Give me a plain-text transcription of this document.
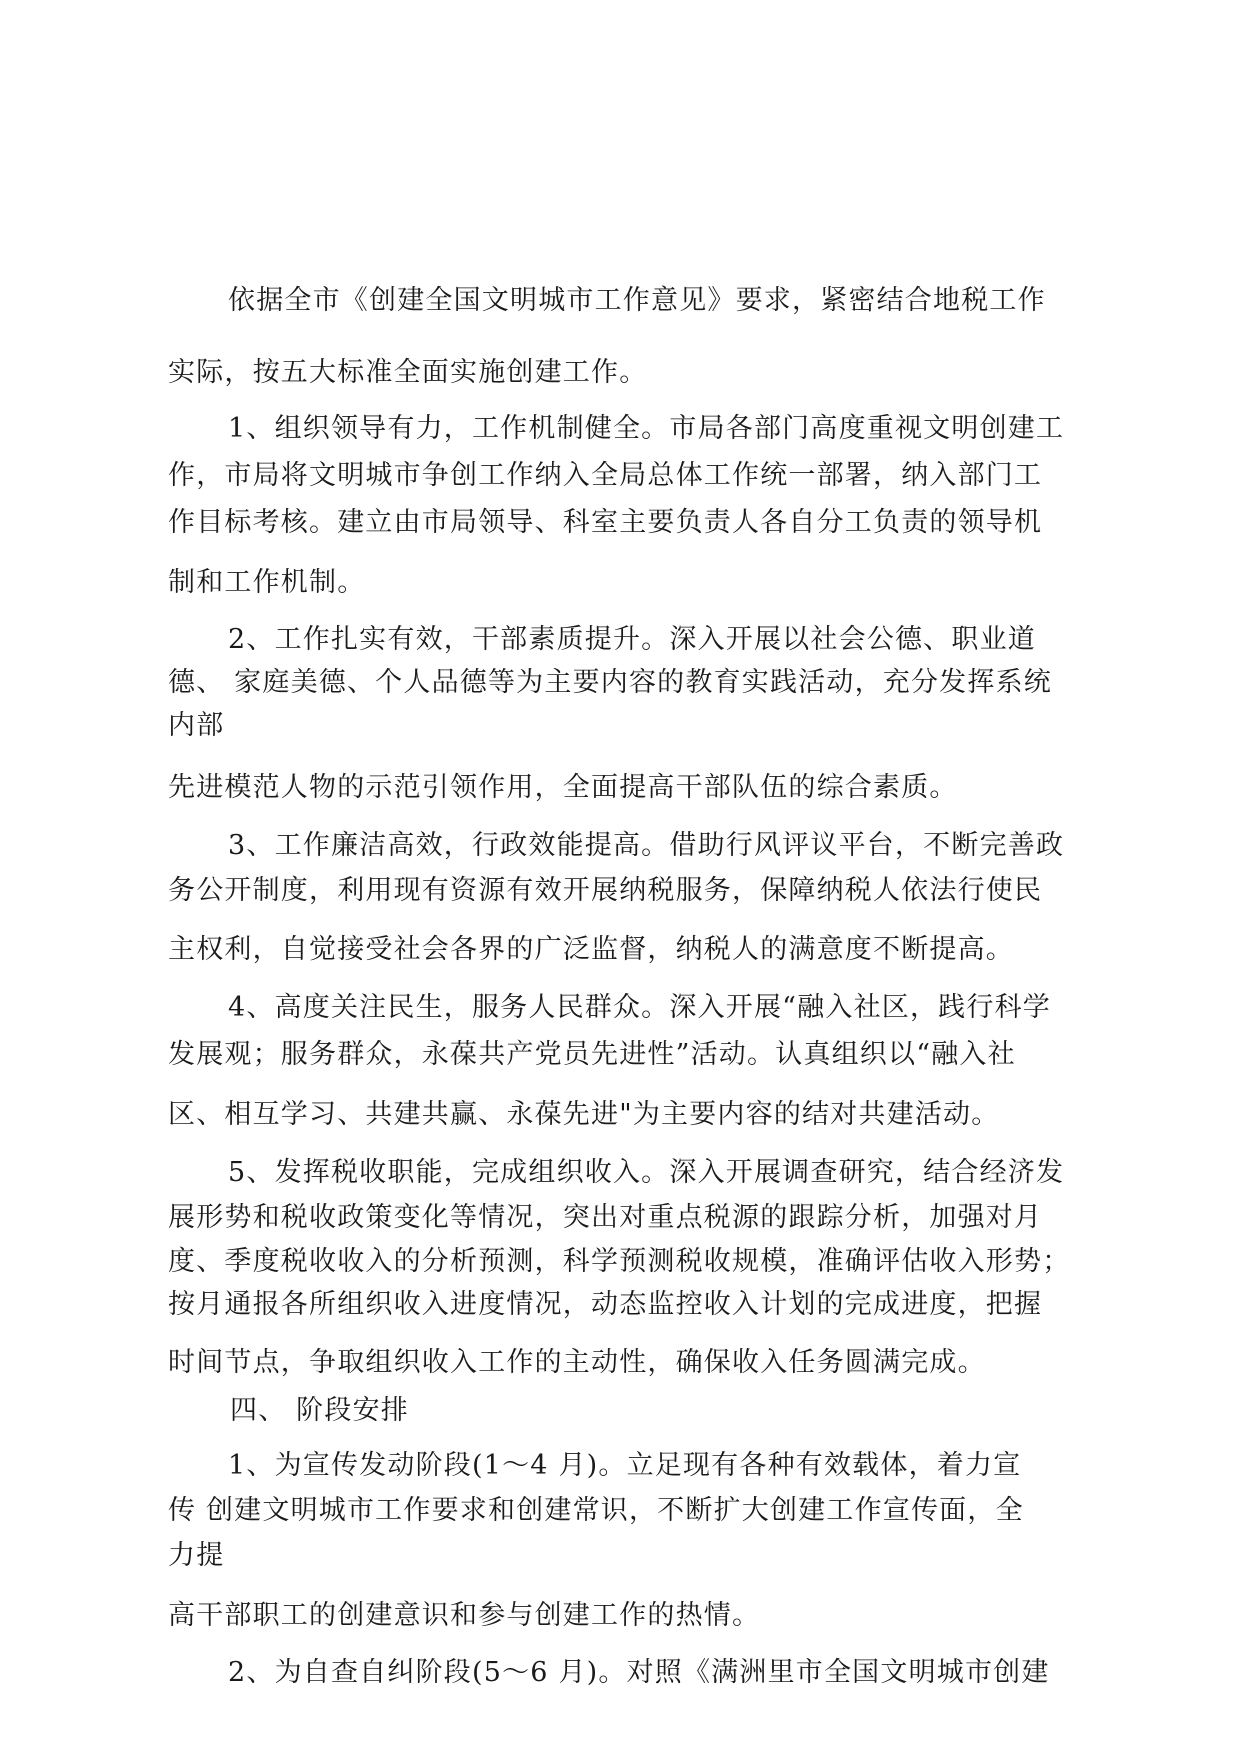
依据全市《创建全国文明城市工作意见》要求，紧密结合地税工作
实际，按五大标准全面实施创建工作。
1、组织领导有力，工作机制健全。市局各部门高度重视文明创建工
作，市局将文明城市争创工作纳入全局总体工作统一部署，纳入部门工
作目标考核。建立由市局领导、科室主要负责人各自分工负责的领导机
制和工作机制。
2、工作扎实有效，干部素质提升。深入开展以社会公德、职业道
德、 家庭美德、个人品德等为主要内容的教育实践活动，充分发挥系统
内部
先进模范人物的示范引领作用，全面提高干部队伍的综合素质。
3、工作廉洁高效，行政效能提高。借助行风评议平台，不断完善政
务公开制度，利用现有资源有效开展纳税服务，保障纳税人依法行使民
主权利，自觉接受社会各界的广泛监督，纳税人的满意度不断提高。
4、高度关注民生，服务人民群众。深入开展“融入社区，践行科学
发展观；服务群众，永葆共产党员先进性”活动。认真组织以“融入社
区、相互学习、共建共赢、永葆先进"为主要内容的结对共建活动。
5、发挥税收职能，完成组织收入。深入开展调查研究，结合经济发
展形势和税收政策变化等情况，突出对重点税源的跟踪分析，加强对月
度、季度税收收入的分析预测，科学预测税收规模，准确评估收入形势；
按月通报各所组织收入进度情况，动态监控收入计划的完成进度，把握
时间节点，争取组织收入工作的主动性，确保收入任务圆满完成。
四、 阶段安排
1、为宣传发动阶段(1～4 月)。立足现有各种有效载体，着力宣
传 创建文明城市工作要求和创建常识，不断扩大创建工作宣传面，全
力提
高干部职工的创建意识和参与创建工作的热情。
2、为自查自纠阶段(5～6 月)。对照《满洲里市全国文明城市创建
